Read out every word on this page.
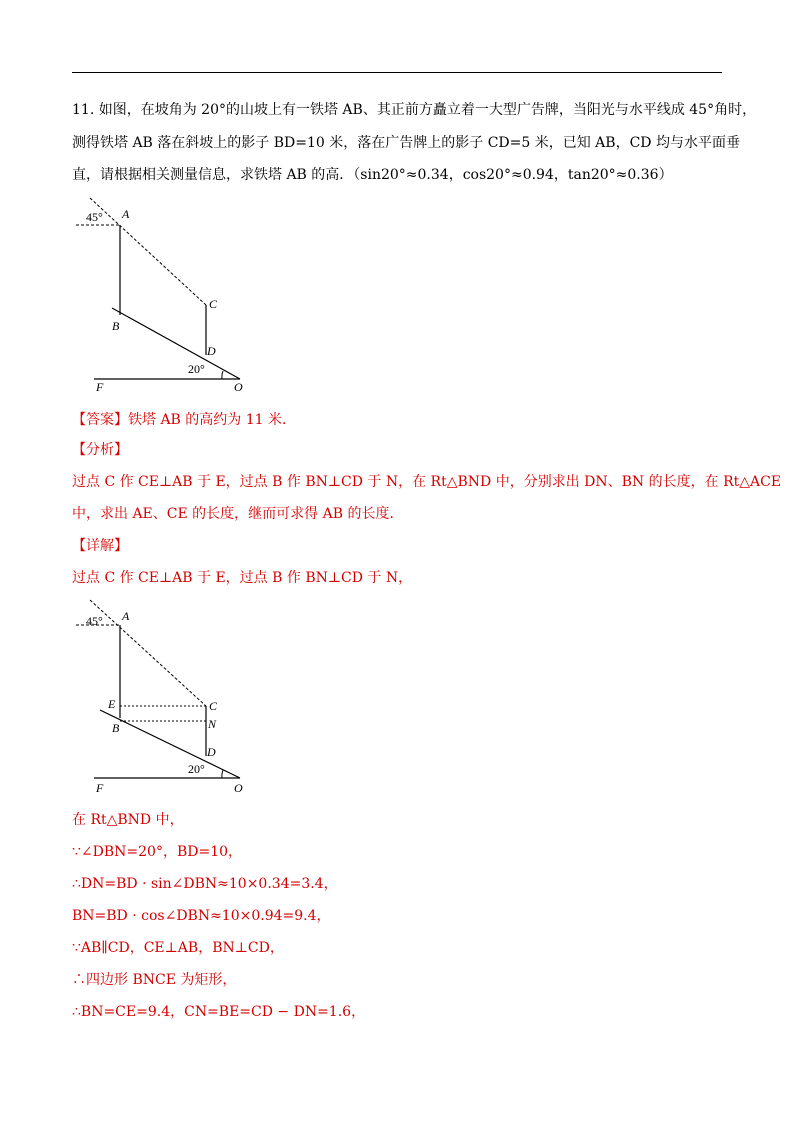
11. 如图，在坡角为 20°的山坡上有一铁塔 AB、其正前方矗立着一大型广告牌，当阳光与水平线成 45°角时，
测得铁塔 AB 落在斜坡上的影子 BD=10 米，落在广告牌上的影子 CD=5 米，已知 AB，CD 均与水平面垂
直，请根据相关测量信息，求铁塔 AB 的高．（sin20°≈0.34，cos20°≈0.94，tan20°≈0.36）
45° A
B
C
D
20°
F	O
【答案】铁塔 AB 的高约为 11 米．
【分析】
过点 C 作 CE⊥AB 于 E，过点 B 作 BN⊥CD 于 N，在 Rt△BND 中，分别求出 DN、BN 的长度，在 Rt△ACE
中，求出 AE、CE 的长度，继而可求得 AB 的长度．
【详解】
过点 C 作 CE⊥AB 于 E，过点 B 作 BN⊥CD 于 N，
45° A
E
B
C
N
D
20°
F	O
在 Rt△BND 中，
∵∠DBN=20°，BD=10，
∴DN=BD · sin∠DBN≈10×0.34=3.4，
BN=BD · cos∠DBN≈10×0.94=9.4，
∵AB∥CD，CE⊥AB，BN⊥CD，
∴四边形 BNCE 为矩形，
∴BN=CE=9.4，CN=BE=CD − DN=1.6，
